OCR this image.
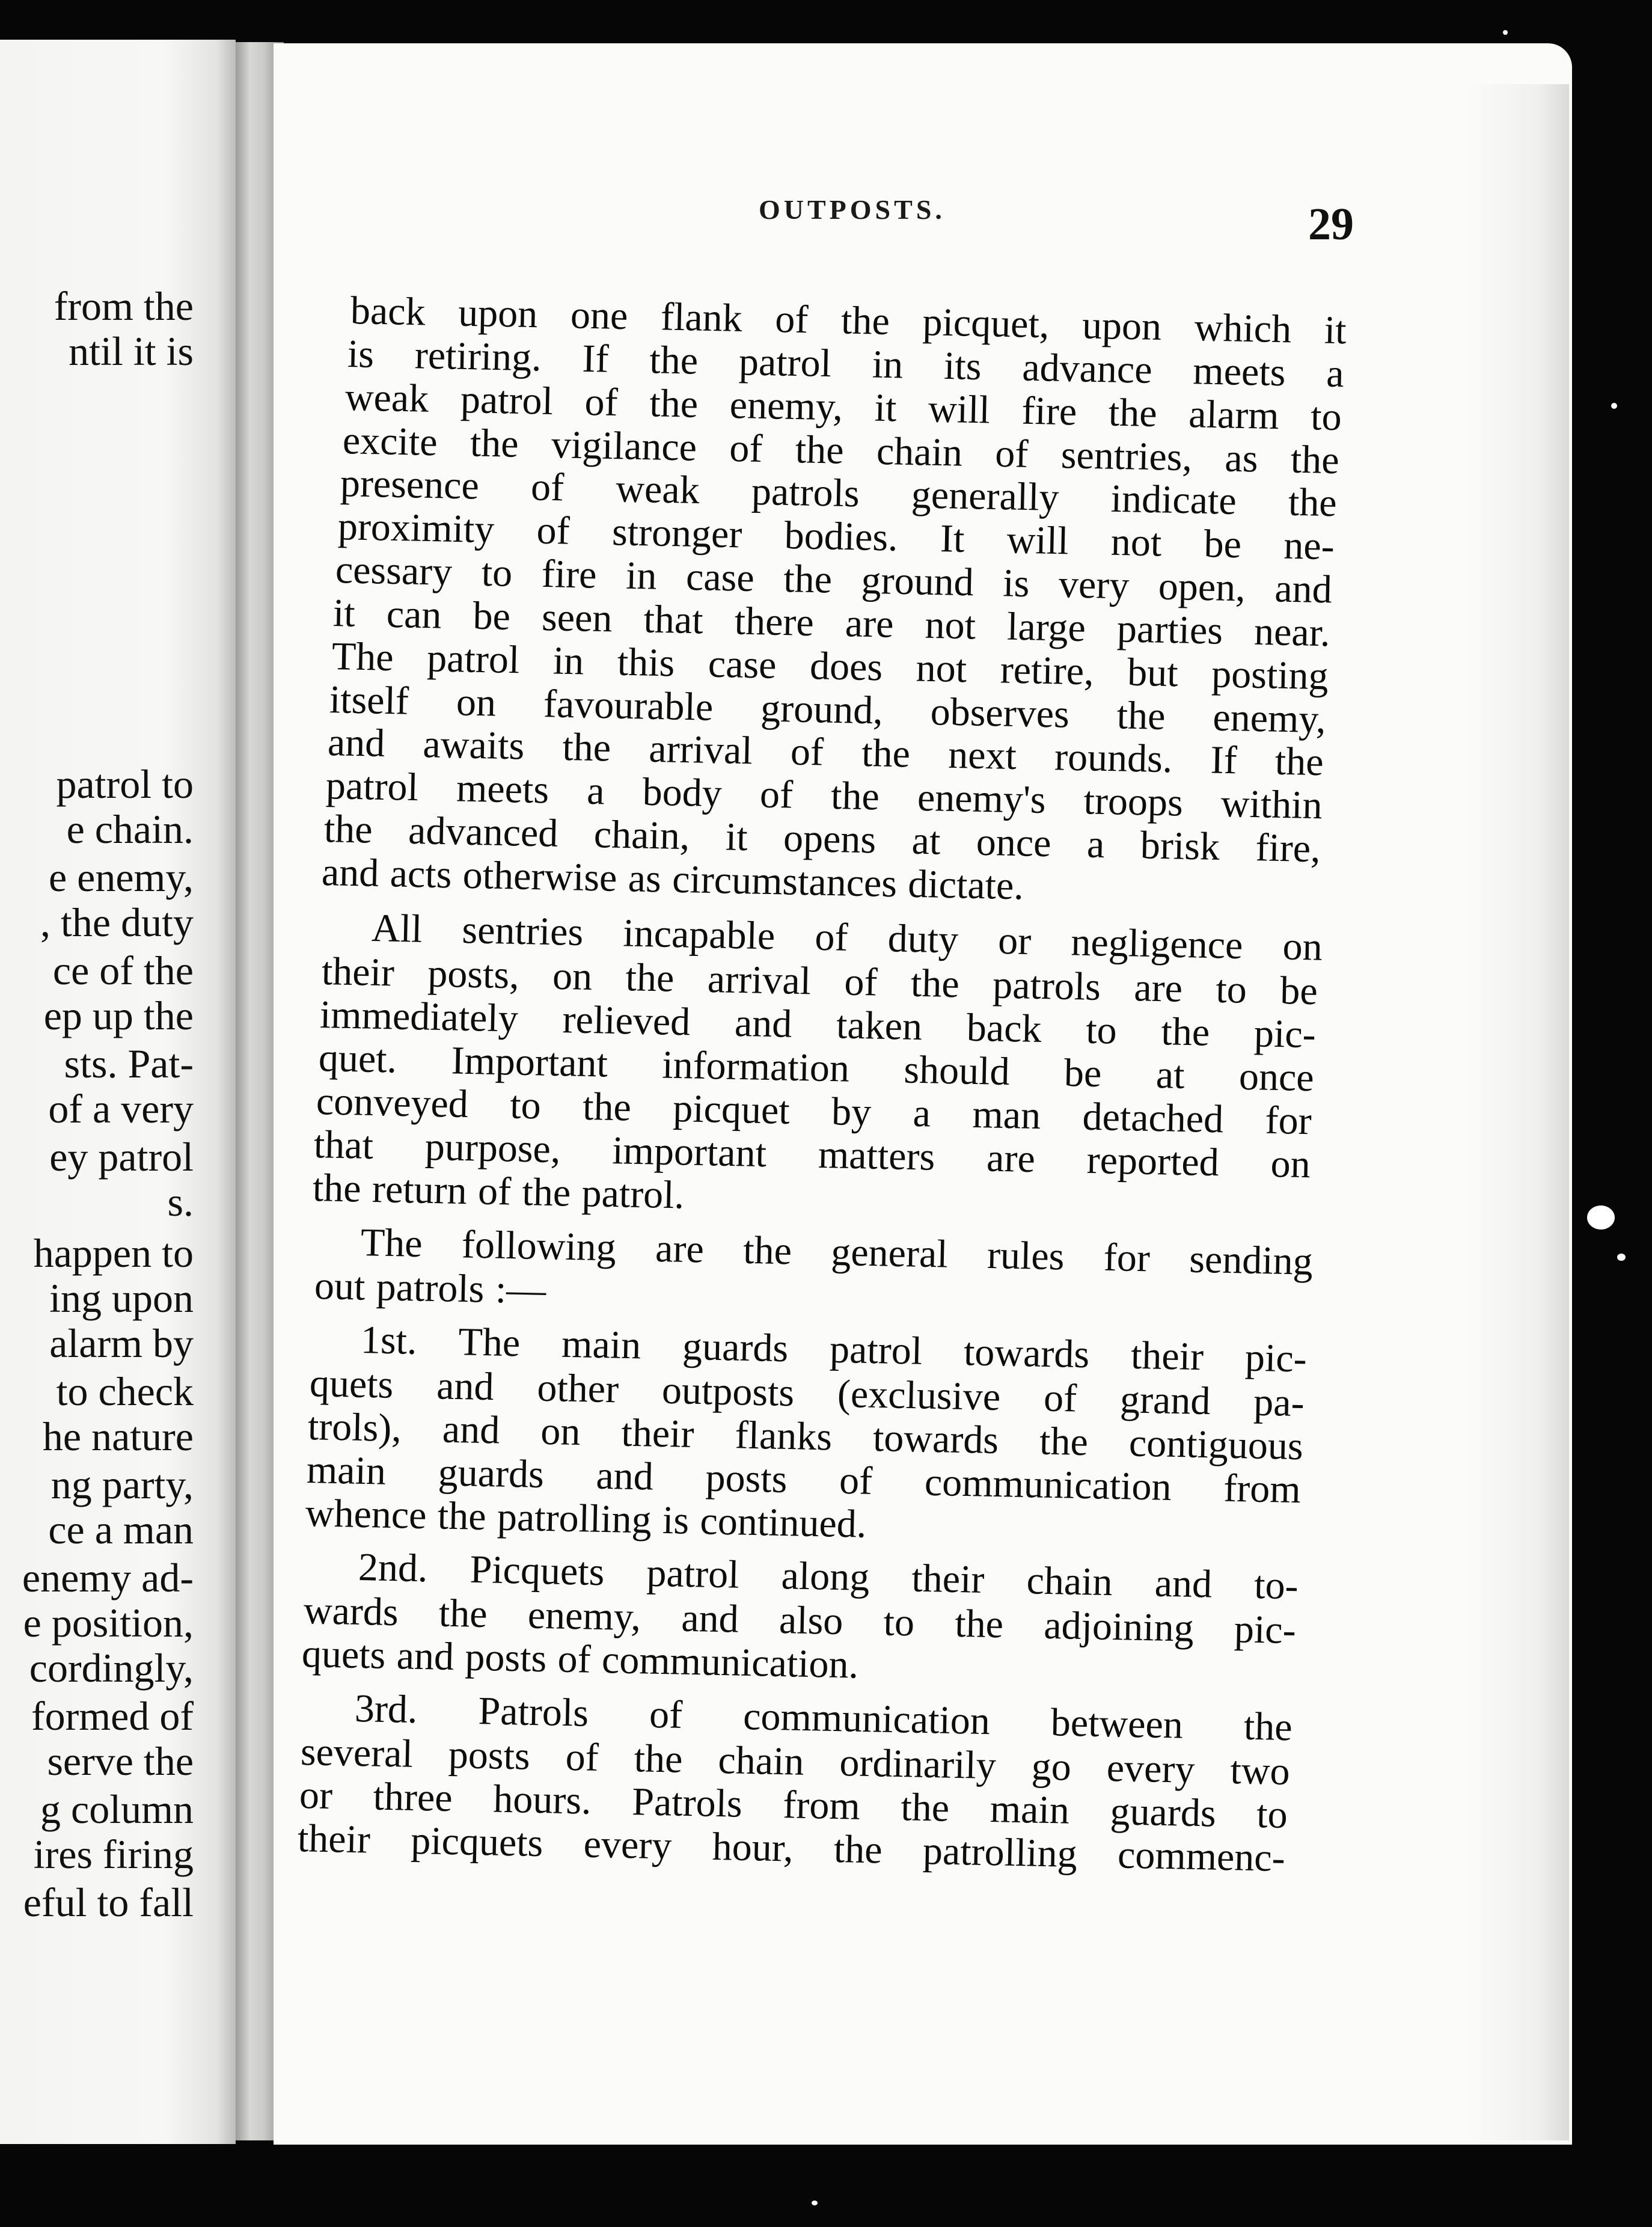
from the
ntil it is
patrol to
e chain.
e enemy,
, the duty
ce of the
ep up the
sts. Pat-
of a very
ey patrol
s.
happen to
ing upon
alarm by
to check
he nature
ng party,
ce a man
enemy ad-
e position,
cordingly,
formed of
serve the
g column
ires firing
eful to fall
OUTPOSTS.	29
back upon one flank of the picquet, upon which it
is retiring. If the patrol in its advance meets a
weak patrol of the enemy, it will fire the alarm to
excite the vigilance of the chain of sentries, as the
presence of weak patrols generally indicate the
proximity of stronger bodies. It will not be ne-
cessary to fire in case the ground is very open, and
it can be seen that there are not large parties near.
The patrol in this case does not retire, but posting
itself on favourable ground, observes the enemy,
and awaits the arrival of the next rounds. If the
patrol meets a body of the enemy's troops within
the advanced chain, it opens at once a brisk fire,
and acts otherwise as circumstances dictate.
All sentries incapable of duty or negligence on
their posts, on the arrival of the patrols are to be
immediately relieved and taken back to the pic-
quet. Important information should be at once
conveyed to the picquet by a man detached for
that purpose, important matters are reported on
the return of the patrol.
The following are the general rules for sending
out patrols :—
1st. The main guards patrol towards their pic-
quets and other outposts (exclusive of grand pa-
trols), and on their flanks towards the contiguous
main guards and posts of communication from
whence the patrolling is continued.
2nd. Picquets patrol along their chain and to-
wards the enemy, and also to the adjoining pic-
quets and posts of communication.
3rd. Patrols of communication between the
several posts of the chain ordinarily go every two
or three hours. Patrols from the main guards to
their picquets every hour, the patrolling commenc-
